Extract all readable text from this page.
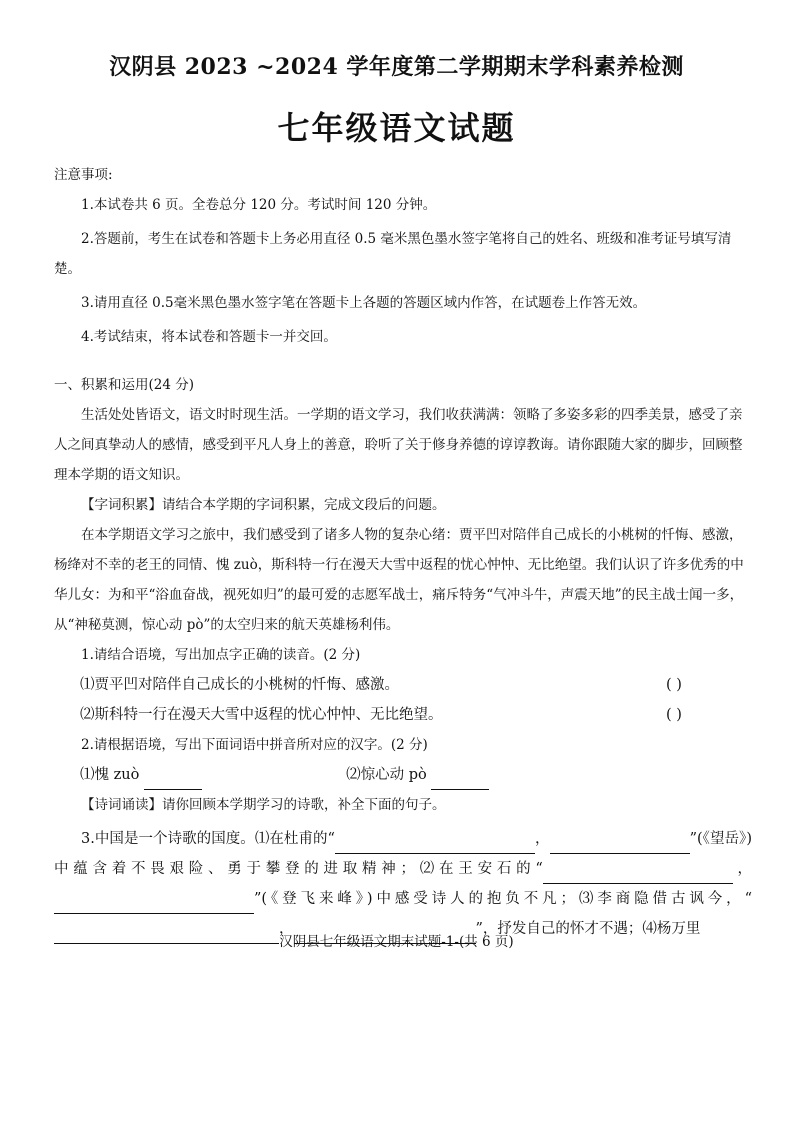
汉阴县 2023 ~2024 学年度第二学期期末学科素养检测
七年级语文试题

注意事项:

1.本试卷共 6 页。全卷总分 120 分。考试时间 120 分钟。

2.答题前，考生在试卷和答题卡上务必用直径 0.5 毫米黑色墨水签字笔将自己的姓名、班级和准考证号填写清楚。

3.请用直径 0.5毫米黑色墨水签字笔在答题卡上各题的答题区域内作答，在试题卷上作答无效。

4.考试结束，将本试卷和答题卡一并交回。

一、积累和运用(24 分)

生活处处皆语文，语文时时现生活。一学期的语文学习，我们收获满满：领略了多姿多彩的四季美景，感受了亲人之间真挚动人的感情，感受到平凡人身上的善意，聆听了关于修身养德的谆谆教诲。请你跟随大家的脚步，回顾整理本学期的语文知识。

【字词积累】请结合本学期的字词积累，完成文段后的问题。

在本学期语文学习之旅中，我们感受到了诸多人物的复杂心绪：贾平凹对陪伴自己成长的小桃树的忏悔、感激，杨绛对不幸的老王的同情、愧 zuò，斯科特一行在漫天大雪中返程的忧心忡忡、无比绝望。我们认识了许多优秀的中华儿女：为和平“浴血奋战，视死如归”的最可爱的志愿军战士，痛斥特务“气冲斗牛，声震天地”的民主战士闻一多，从“神秘莫测，惊心动 pò”的太空归来的航天英雄杨利伟。

1.请结合语境，写出加点字正确的读音。(2 分)

⑴贾平凹对陪伴自己成长的小桃树的忏悔、感激。	( )
⑵斯科特一行在漫天大雪中返程的忧心忡忡、无比绝望。	( )

2.请根据语境，写出下面词语中拼音所对应的汉字。(2 分)

⑴愧 zuò	⑵惊心动 pò

【诗词诵读】请你回顾本学期学习的诗歌，补全下面的句子。

3.中国是一个诗歌的国度。⑴在杜甫的“	，	”(《望岳》)中蕴含着不畏艰险、勇于攀登的进取精神；⑵在王安石的“	，”(《登飞来峰》)中感受诗人的抱负不凡；⑶李商隐借古讽今，“，	”，抒发自己的怀才不遇；⑷杨万里

汉阴县七年级语文期末试题-1-(共 6 页)
